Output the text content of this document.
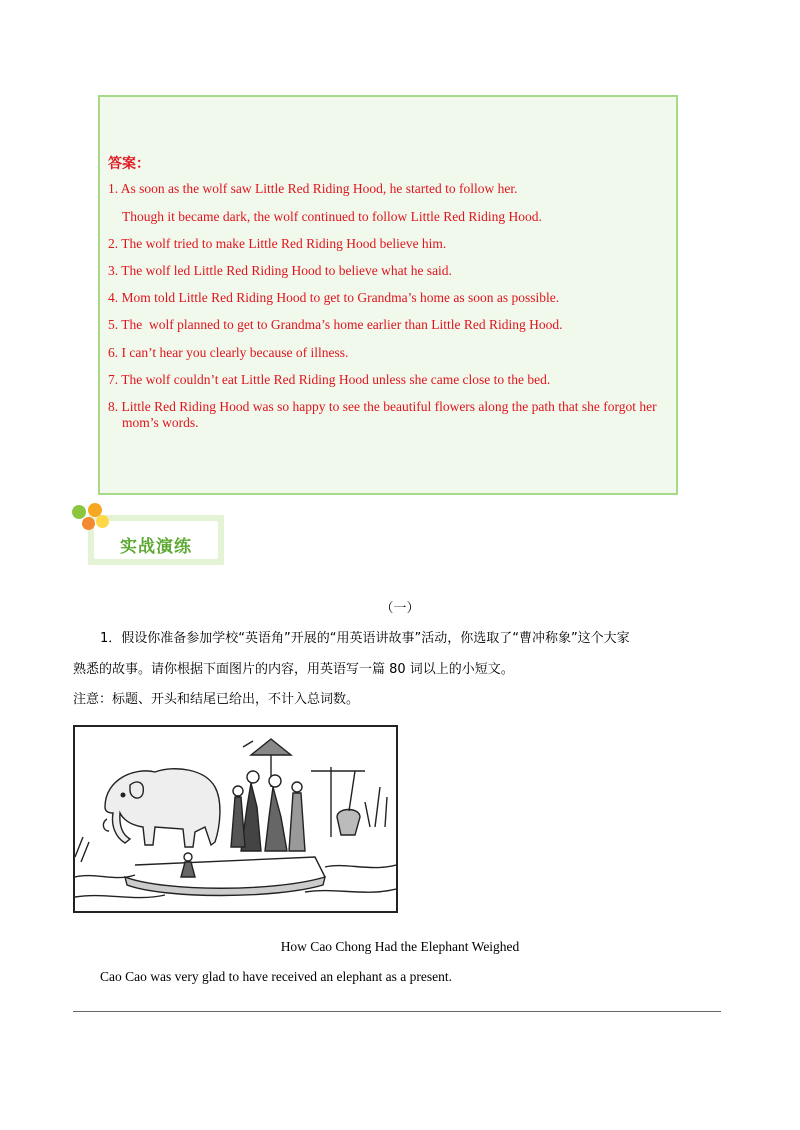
答案：
1. As soon as the wolf saw Little Red Riding Hood, he started to follow her.
Though it became dark, the wolf continued to follow Little Red Riding Hood.
2. The wolf tried to make Little Red Riding Hood believe him.
3. The wolf led Little Red Riding Hood to believe what he said.
4. Mom told Little Red Riding Hood to get to Grandma’s home as soon as possible.
5. The  wolf planned to get to Grandma’s home earlier than Little Red Riding Hood.
6. I can’t hear you clearly because of illness.
7. The wolf couldn’t eat Little Red Riding Hood unless she came close to the bed.
8. Little Red Riding Hood was so happy to see the beautiful flowers along the path that she forgot her
mom’s words.
实战演练
（一）
1．假设你准备参加学校“英语角”开展的“用英语讲故事”活动，你选取了“曹冲称象”这个大家
熟悉的故事。请你根据下面图片的内容，用英语写一篇 80 词以上的小短文。
注意：标题、开头和结尾已给出，不计入总词数。
How Cao Chong Had the Elephant Weighed
Cao Cao was very glad to have received an elephant as a present.
